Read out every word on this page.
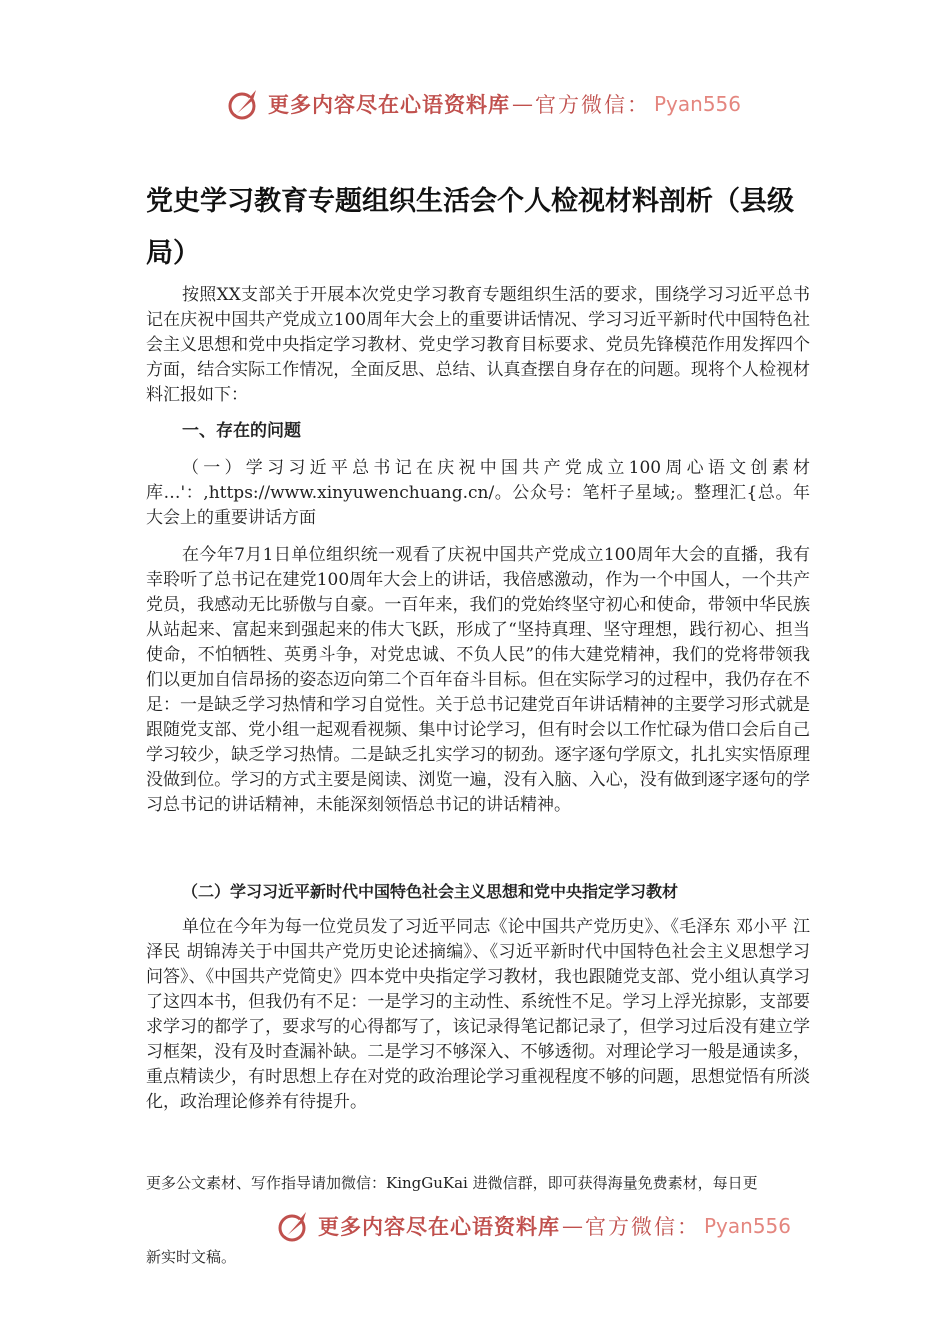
更多内容尽在心语资料库 — 官方微信： Pyan556
党史学习教育专题组织生活会个人检视材料剖析（县级局）

按照XX支部关于开展本次党史学习教育专题组织生活的要求，围绕学习习近平总书记在庆祝中国共产党成立100周年大会上的重要讲话情况、学习习近平新时代中国特色社会主义思想和党中央指定学习教材、党史学习教育目标要求、党员先锋模范作用发挥四个方面，结合实际工作情况，全面反思、总结、认真查摆自身存在的问题。现将个人检视材料汇报如下：

一、存在的问题

（一）学习习近平总书记在庆祝中国共产党成立100周心语文创素材库…'：,https://www.xinyuwenchuang.cn/。公众号：笔杆子星域;。整理汇{总。年大会上的重要讲话方面

在今年7月1日单位组织统一观看了庆祝中国共产党成立100周年大会的直播，我有幸聆听了总书记在建党100周年大会上的讲话，我倍感激动，作为一个中国人，一个共产党员，我感动无比骄傲与自豪。一百年来，我们的党始终坚守初心和使命，带领中华民族从站起来、富起来到强起来的伟大飞跃，形成了“坚持真理、坚守理想，践行初心、担当使命，不怕牺牲、英勇斗争，对党忠诚、不负人民”的伟大建党精神，我们的党将带领我们以更加自信昂扬的姿态迈向第二个百年奋斗目标。但在实际学习的过程中，我仍存在不足：一是缺乏学习热情和学习自觉性。关于总书记建党百年讲话精神的主要学习形式就是跟随党支部、党小组一起观看视频、集中讨论学习，但有时会以工作忙碌为借口会后自己学习较少，缺乏学习热情。二是缺乏扎实学习的韧劲。逐字逐句学原文，扎扎实实悟原理没做到位。学习的方式主要是阅读、浏览一遍，没有入脑、入心，没有做到逐字逐句的学习总书记的讲话精神，未能深刻领悟总书记的讲话精神。

（二）学习习近平新时代中国特色社会主义思想和党中央指定学习教材

单位在今年为每一位党员发了习近平同志《论中国共产党历史》、《毛泽东 邓小平 江泽民 胡锦涛关于中国共产党历史论述摘编》、《习近平新时代中国特色社会主义思想学习问答》、《中国共产党简史》四本党中央指定学习教材，我也跟随党支部、党小组认真学习了这四本书，但我仍有不足：一是学习的主动性、系统性不足。学习上浮光掠影，支部要求学习的都学了，要求写的心得都写了，该记录得笔记都记录了，但学习过后没有建立学习框架，没有及时查漏补缺。二是学习不够深入、不够透彻。对理论学习一般是通读多，重点精读少，有时思想上存在对党的政治理论学习重视程度不够的问题，思想觉悟有所淡化，政治理论修养有待提升。

更多公文素材、写作指导请加微信：KingGuKai 进微信群，即可获得海量免费素材，每日更
更多内容尽在心语资料库 — 官方微信： Pyan556
新实时文稿。
